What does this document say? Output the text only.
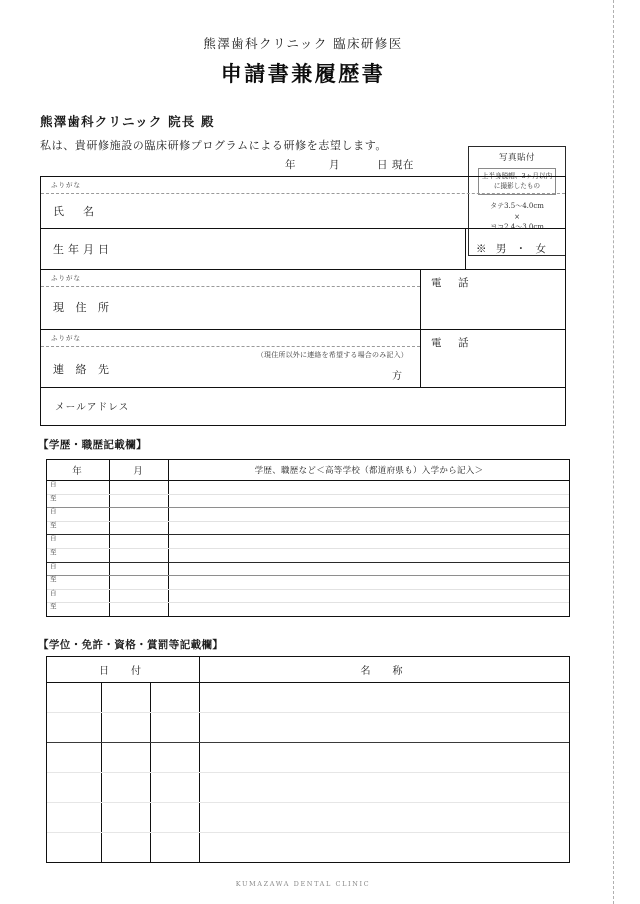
熊澤歯科クリニック 臨床研修医
申請書兼履歴書
熊澤歯科クリニック 院長 殿
私は、貴研修施設の臨床研修プログラムによる研修を志望します。
年	月	日 現在
写真貼付
上半身脱帽、3ヶ月以内に撮影したもの
タテ3.5〜4.0cm
×
ヨコ2.4〜3.0cm
ふりがな
氏　名
生年月日	※ 男 ・ 女
ふりがな
現 住 所
電　話
ふりがな
（現住所以外に連絡を希望する場合のみ記入）
連 絡 先
方
電　話
メールアドレス
【学歴・職歴記載欄】
年	月	学歴、職歴など＜高等学校（都道府県も）入学から記入＞
自		
至		
自		
至		
自		
至		
自		
至		
自		
至		
【学位・免許・資格・賞罰等記載欄】
日　付			名　称

KUMAZAWA DENTAL CLINIC
